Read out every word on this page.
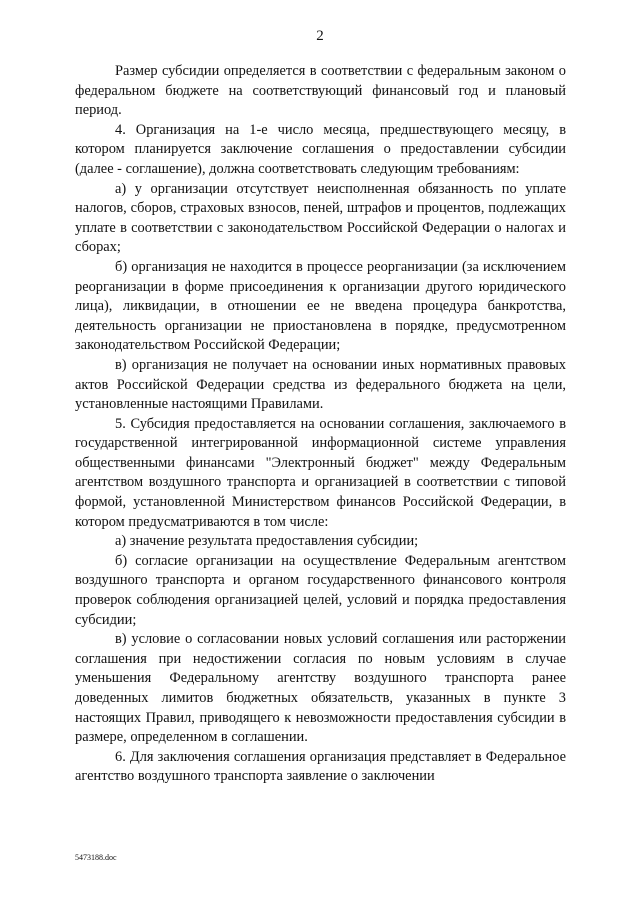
2

Размер субсидии определяется в соответствии с федеральным законом о федеральном бюджете на соответствующий финансовый год и плановый период.

4. Организация на 1-е число месяца, предшествующего месяцу, в котором планируется заключение соглашения о предоставлении субсидии (далее - соглашение), должна соответствовать следующим требованиям:

а) у организации отсутствует неисполненная обязанность по уплате налогов, сборов, страховых взносов, пеней, штрафов и процентов, подлежащих уплате в соответствии с законодательством Российской Федерации о налогах и сборах;

б) организация не находится в процессе реорганизации (за исключением реорганизации в форме присоединения к организации другого юридического лица), ликвидации, в отношении ее не введена процедура банкротства, деятельность организации не приостановлена в порядке, предусмотренном законодательством Российской Федерации;

в) организация не получает на основании иных нормативных правовых актов Российской Федерации средства из федерального бюджета на цели, установленные настоящими Правилами.

5. Субсидия предоставляется на основании соглашения, заключаемого в государственной интегрированной информационной системе управления общественными финансами "Электронный бюджет" между Федеральным агентством воздушного транспорта и организацией в соответствии с типовой формой, установленной Министерством финансов Российской Федерации, в котором предусматриваются в том числе:

а) значение результата предоставления субсидии;

б) согласие организации на осуществление Федеральным агентством воздушного транспорта и органом государственного финансового контроля проверок соблюдения организацией целей, условий и порядка предоставления субсидии;

в) условие о согласовании новых условий соглашения или расторжении соглашения при недостижении согласия по новым условиям в случае уменьшения Федеральному агентству воздушного транспорта ранее доведенных лимитов бюджетных обязательств, указанных в пункте 3 настоящих Правил, приводящего к невозможности предоставления субсидии в размере, определенном в соглашении.

6. Для заключения соглашения организация представляет в Федеральное агентство воздушного транспорта заявление о заключении

5473188.doc
